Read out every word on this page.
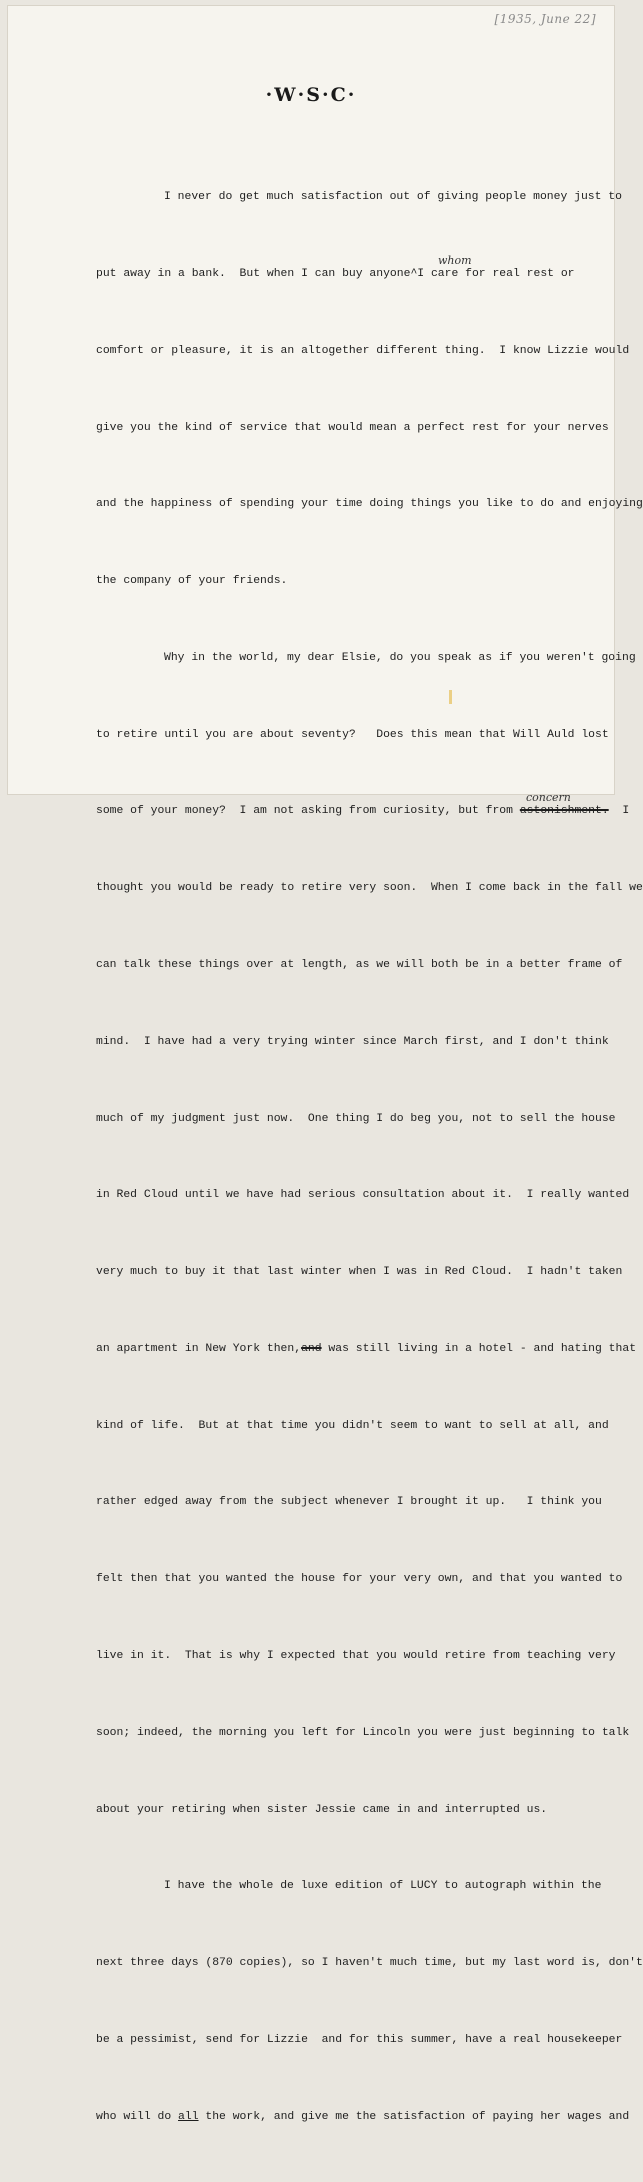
[1935, June 22]
·W·S·C·

I never do get much satisfaction out of giving people money just to

put away in a bank.  But when I can buy anyone
whom
^I care for real rest or

comfort or pleasure, it is an altogether different thing.  I know Lizzie would

give you the kind of service that would mean a perfect rest for your nerves

and the happiness of spending your time doing things you like to do and enjoying

the company of your friends.

Why in the world, my dear Elsie, do you speak as if you weren't going

to retire until you are about seventy?   Does this mean that Will Auld lost

some of your money?  I am not asking from curiosity, but from
concern
astonishment.  I

thought you would be ready to retire very soon.  When I come back in the fall we

can talk these things over at length, as we will both be in a better frame of

mind.  I have had a very trying winter since March first, and I don't think

much of my judgment just now.  One thing I do beg you, not to sell the house

in Red Cloud until we have had serious consultation about it.  I really wanted

very much to buy it that last winter when I was in Red Cloud.  I hadn't taken

an apartment in New York then,and was still living in a hotel - and hating that

kind of life.  But at that time you didn't seem to want to sell at all, and

rather edged away from the subject whenever I brought it up.   I think you

felt then that you wanted the house for your very own, and that you wanted to

live in it.  That is why I expected that you would retire from teaching very

soon; indeed, the morning you left for Lincoln you were just beginning to talk

about your retiring when sister Jessie came in and interrupted us.

I have the whole de luxe edition of LUCY to autograph within the

next three days (870 copies), so I haven't much time, but my last word is, don't

be a pessimist, send for Lizzie  and for this summer, have a real housekeeper

who will do all the work, and give me the satisfaction of paying her wages and
